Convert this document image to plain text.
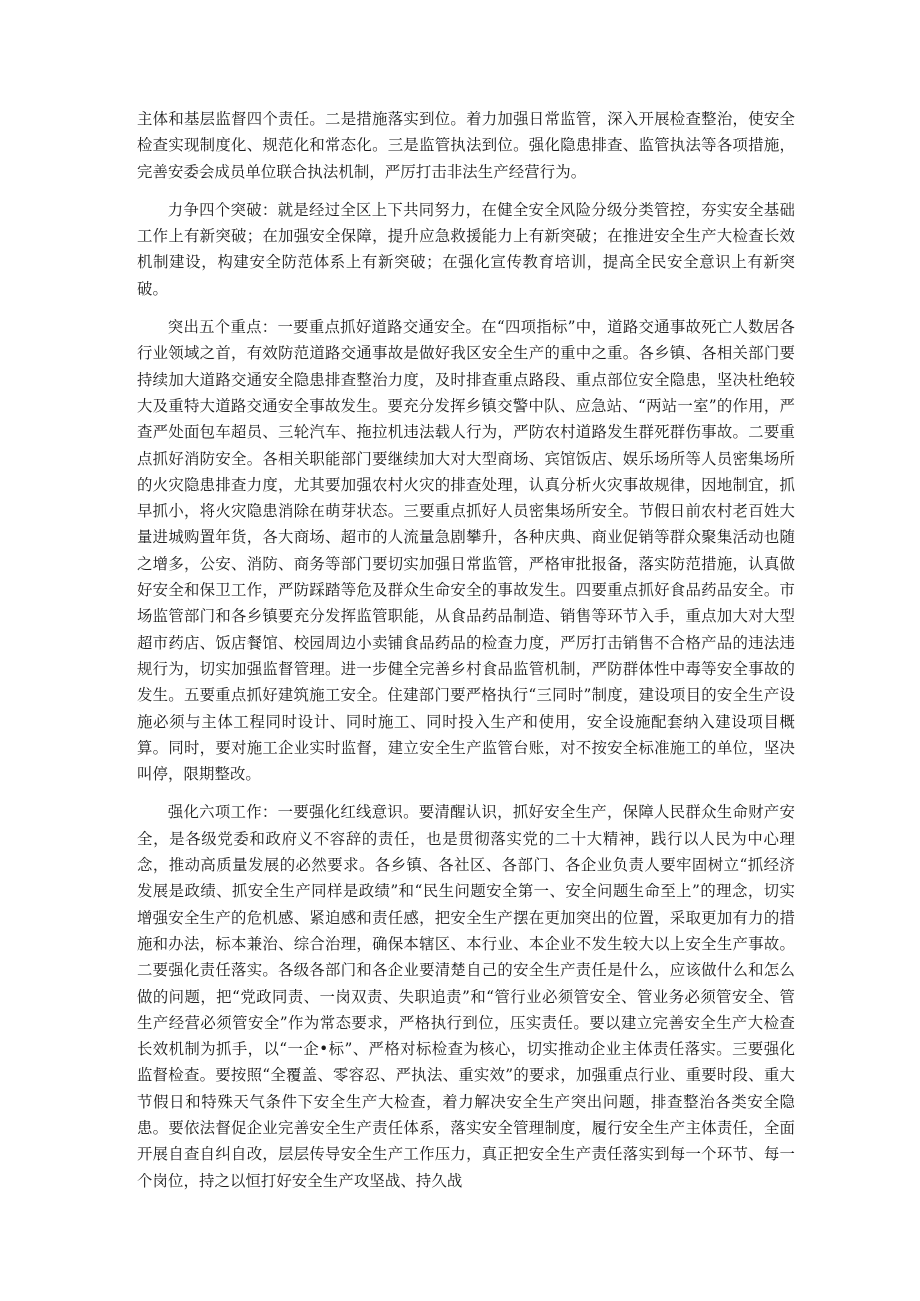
主体和基层监督四个责任。二是措施落实到位。着力加强日常监管，深入开展检查整治，使安全检查实现制度化、规范化和常态化。三是监管执法到位。强化隐患排查、监管执法等各项措施，完善安委会成员单位联合执法机制，严厉打击非法生产经营行为。

力争四个突破：就是经过全区上下共同努力，在健全安全风险分级分类管控，夯实安全基础工作上有新突破；在加强安全保障，提升应急救援能力上有新突破；在推进安全生产大检查长效机制建设，构建安全防范体系上有新突破；在强化宣传教育培训，提高全民安全意识上有新突破。

突出五个重点：一要重点抓好道路交通安全。在“四项指标”中，道路交通事故死亡人数居各行业领域之首，有效防范道路交通事故是做好我区安全生产的重中之重。各乡镇、各相关部门要持续加大道路交通安全隐患排查整治力度，及时排查重点路段、重点部位安全隐患，坚决杜绝较大及重特大道路交通安全事故发生。要充分发挥乡镇交警中队、应急站、“两站一室”的作用，严查严处面包车超员、三轮汽车、拖拉机违法载人行为，严防农村道路发生群死群伤事故。二要重点抓好消防安全。各相关职能部门要继续加大对大型商场、宾馆饭店、娱乐场所等人员密集场所的火灾隐患排查力度，尤其要加强农村火灾的排查处理，认真分析火灾事故规律，因地制宜，抓早抓小，将火灾隐患消除在萌芽状态。三要重点抓好人员密集场所安全。节假日前农村老百姓大量进城购置年货，各大商场、超市的人流量急剧攀升，各种庆典、商业促销等群众聚集活动也随之增多，公安、消防、商务等部门要切实加强日常监管，严格审批报备，落实防范措施，认真做好安全和保卫工作，严防踩踏等危及群众生命安全的事故发生。四要重点抓好食品药品安全。市场监管部门和各乡镇要充分发挥监管职能，从食品药品制造、销售等环节入手，重点加大对大型超市药店、饭店餐馆、校园周边小卖铺食品药品的检查力度，严厉打击销售不合格产品的违法违规行为，切实加强监督管理。进一步健全完善乡村食品监管机制，严防群体性中毒等安全事故的发生。五要重点抓好建筑施工安全。住建部门要严格执行“三同时”制度，建设项目的安全生产设施必须与主体工程同时设计、同时施工、同时投入生产和使用，安全设施配套纳入建设项目概算。同时，要对施工企业实时监督，建立安全生产监管台账，对不按安全标准施工的单位，坚决叫停，限期整改。

强化六项工作：一要强化红线意识。要清醒认识，抓好安全生产，保障人民群众生命财产安全，是各级党委和政府义不容辞的责任，也是贯彻落实党的二十大精神，践行以人民为中心理念，推动高质量发展的必然要求。各乡镇、各社区、各部门、各企业负责人要牢固树立“抓经济发展是政绩、抓安全生产同样是政绩”和“民生问题安全第一、安全问题生命至上”的理念，切实增强安全生产的危机感、紧迫感和责任感，把安全生产摆在更加突出的位置，采取更加有力的措施和办法，标本兼治、综合治理，确保本辖区、本行业、本企业不发生较大以上安全生产事故。二要强化责任落实。各级各部门和各企业要清楚自己的安全生产责任是什么，应该做什么和怎么做的问题，把“党政同责、一岗双责、失职追责”和“管行业必须管安全、管业务必须管安全、管生产经营必须管安全”作为常态要求，严格执行到位，压实责任。要以建立完善安全生产大检查长效机制为抓手，以“一企•标”、严格对标检查为核心，切实推动企业主体责任落实。三要强化监督检查。要按照“全覆盖、零容忍、严执法、重实效”的要求，加强重点行业、重要时段、重大节假日和特殊天气条件下安全生产大检查，着力解决安全生产突出问题，排查整治各类安全隐患。要依法督促企业完善安全生产责任体系，落实安全管理制度，履行安全生产主体责任，全面开展自查自纠自改，层层传导安全生产工作压力，真正把安全生产责任落实到每一个环节、每一个岗位，持之以恒打好安全生产攻坚战、持久战
